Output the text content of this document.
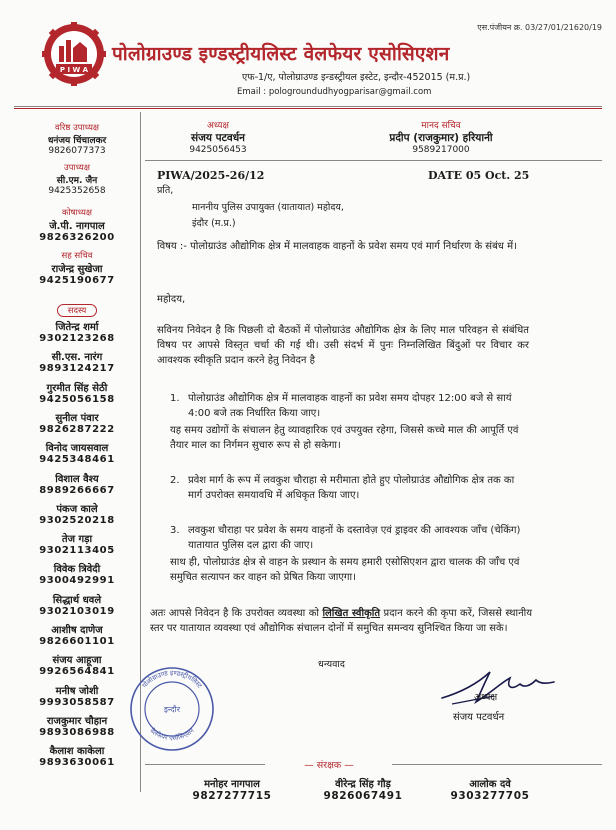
एस.पंजीयन क्र. 03/27/01/21620/19
P I W A
पोलोग्राउण्ड इण्डस्ट्रीयलिस्ट वेलफेयर एसोसिएशन
एफ-1/ए, पोलोग्राउण्ड इन्डस्ट्रीयल इस्टेट, इन्दौर-452015 (म.प्र.)
Email : pologroundudhyogparisar@gmail.com
अध्यक्ष
संजय पटवर्धन
9425056453
मानद सचिव
प्रदीप (राजकुमार) हरियानी
9589217000
वरिष्ठ उपाध्यक्ष
धनंजय चिंचालकर
9826077373
उपाध्यक्ष
सी.एम. जैन
9425352658
कोषाध्यक्ष
जे.पी. नागपाल
9826326200
सह सचिव
राजेन्द्र सुखेजा
9425190677
सदस्य
जितेन्द्र शर्मा
9302123268
सी.एस. नारंग
9893124217
गुरमीत सिंह सेठी
9425056158
सुनील पंवार
9826287222
विनोद जायसवाल
9425348461
विशाल वैश्य
8989266667
पंकज काले
9302520218
तेज गड़ा
9302113405
विवेक त्रिवेदी
9300492991
सिद्धार्थ धवले
9302103019
आशीष दाणेज
9826601101
संजय आहूजा
9926564841
मनीष जोशी
9993058587
राजकुमार चौहान
9893086988
कैलाश काकेला
9893630061
PIWA/2025-26/12	DATE 05 Oct. 25
प्रति,
माननीय पुलिस उपायुक्त (यातायात) महोदय,
इंदौर (म.प्र.)
विषय :- पोलोग्राउंड औद्योगिक क्षेत्र में मालवाहक वाहनों के प्रवेश समय एवं मार्ग निर्धारण के संबंध में।
महोदय,
सविनय निवेदन है कि पिछली दो बैठकों में पोलोग्राउंड औद्योगिक क्षेत्र के लिए माल परिवहन से संबंधित विषय पर आपसे विस्तृत चर्चा की गई थी। उसी संदर्भ में पुनः निम्नलिखित बिंदुओं पर विचार कर आवश्यक स्वीकृति प्रदान करने हेतु निवेदन है
1. पोलोग्राउंड औद्योगिक क्षेत्र में मालवाहक वाहनों का प्रवेश समय दोपहर 12:00 बजे से सायं 4:00 बजे तक निर्धारित किया जाए।
यह समय उद्योगों के संचालन हेतु व्यावहारिक एवं उपयुक्त रहेगा, जिससे कच्चे माल की आपूर्ति एवं तैयार माल का निर्गमन सुचारु रूप से हो सकेगा।
2. प्रवेश मार्ग के रूप में लवकुश चौराहा से मरीमाता होते हुए पोलोग्राउंड औद्योगिक क्षेत्र तक का मार्ग उपरोक्त समयावधि में अधिकृत किया जाए।
3. लवकुश चौराहा पर प्रवेश के समय वाहनों के दस्तावेज़ एवं ड्राइवर की आवश्यक जाँच (चेकिंग) यातायात पुलिस दल द्वारा की जाए।
साथ ही, पोलोग्राउंड क्षेत्र से वाहन के प्रस्थान के समय हमारी एसोसिएशन द्वारा चालक की जाँच एवं समुचित सत्यापन कर वाहन को प्रेषित किया जाएगा।
अतः आपसे निवेदन है कि उपरोक्त व्यवस्था को लिखित स्वीकृति प्रदान करने की कृपा करें, जिससे स्थानीय स्तर पर यातायात व्यवस्था एवं औद्योगिक संचालन दोनों में समुचित समन्वय सुनिश्चित किया जा सके।
धन्यवाद
पोलोग्राउण्ड इण्डस्ट्रीयलिस्ट
वेलफेयर एसोसिएशन
इन्दौर
अध्यक्ष
संजय पटवर्धन
— संरक्षक —
मनोहर नागपाल
9827277715
वीरेन्द्र सिंह गौड़
9826067491
आलोक दवे
9303277705
